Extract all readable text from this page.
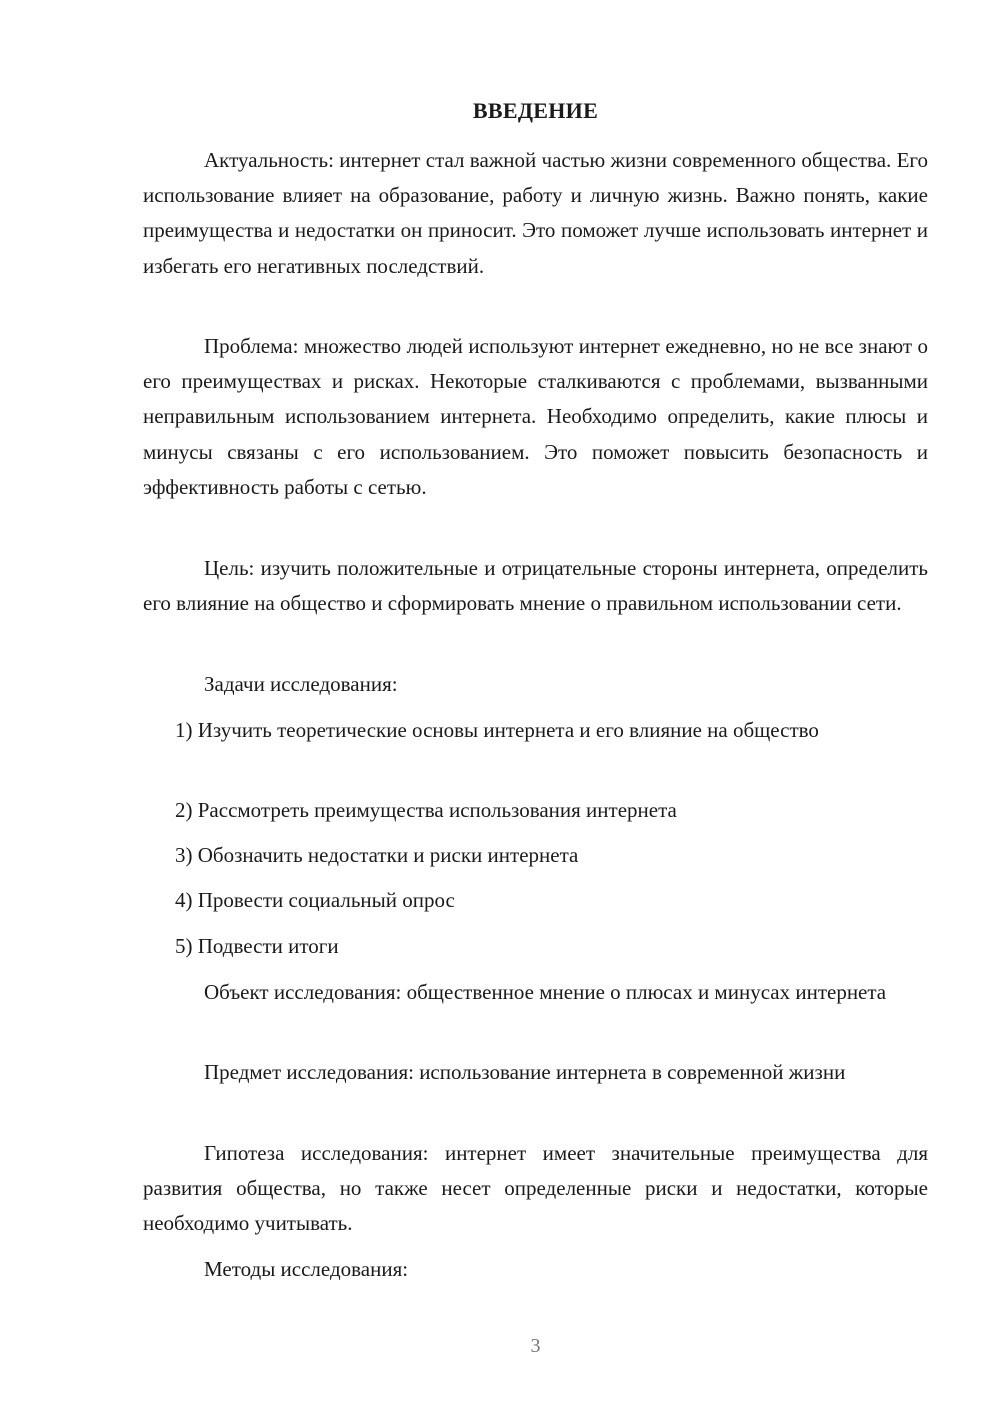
ВВЕДЕНИЕ

Актуальность: интернет стал важной частью жизни современного общества. Его использование влияет на образование, работу и личную жизнь. Важно понять, какие преимущества и недостатки он приносит. Это поможет лучше использовать интернет и избегать его негативных последствий.

Проблема: множество людей используют интернет ежедневно, но не все знают о его преимуществах и рисках. Некоторые сталкиваются с проблемами, вызванными неправильным использованием интернета. Необходимо определить, какие плюсы и минусы связаны с его использованием. Это поможет повысить безопасность и эффективность работы с сетью.

Цель: изучить положительные и отрицательные стороны интернета, определить его влияние на общество и сформировать мнение о правильном использовании сети.

Задачи исследования:

1) Изучить теоретические основы интернета и его влияние на общество

2) Рассмотреть преимущества использования интернета

3) Обозначить недостатки и риски интернета

4) Провести социальный опрос

5) Подвести итоги

Объект исследования: общественное мнение о плюсах и минусах интернета

Предмет исследования: использование интернета в современной жизни

Гипотеза исследования: интернет имеет значительные преимущества для развития общества, но также несет определенные риски и недостатки, которые необходимо учитывать.

Методы исследования:

3
